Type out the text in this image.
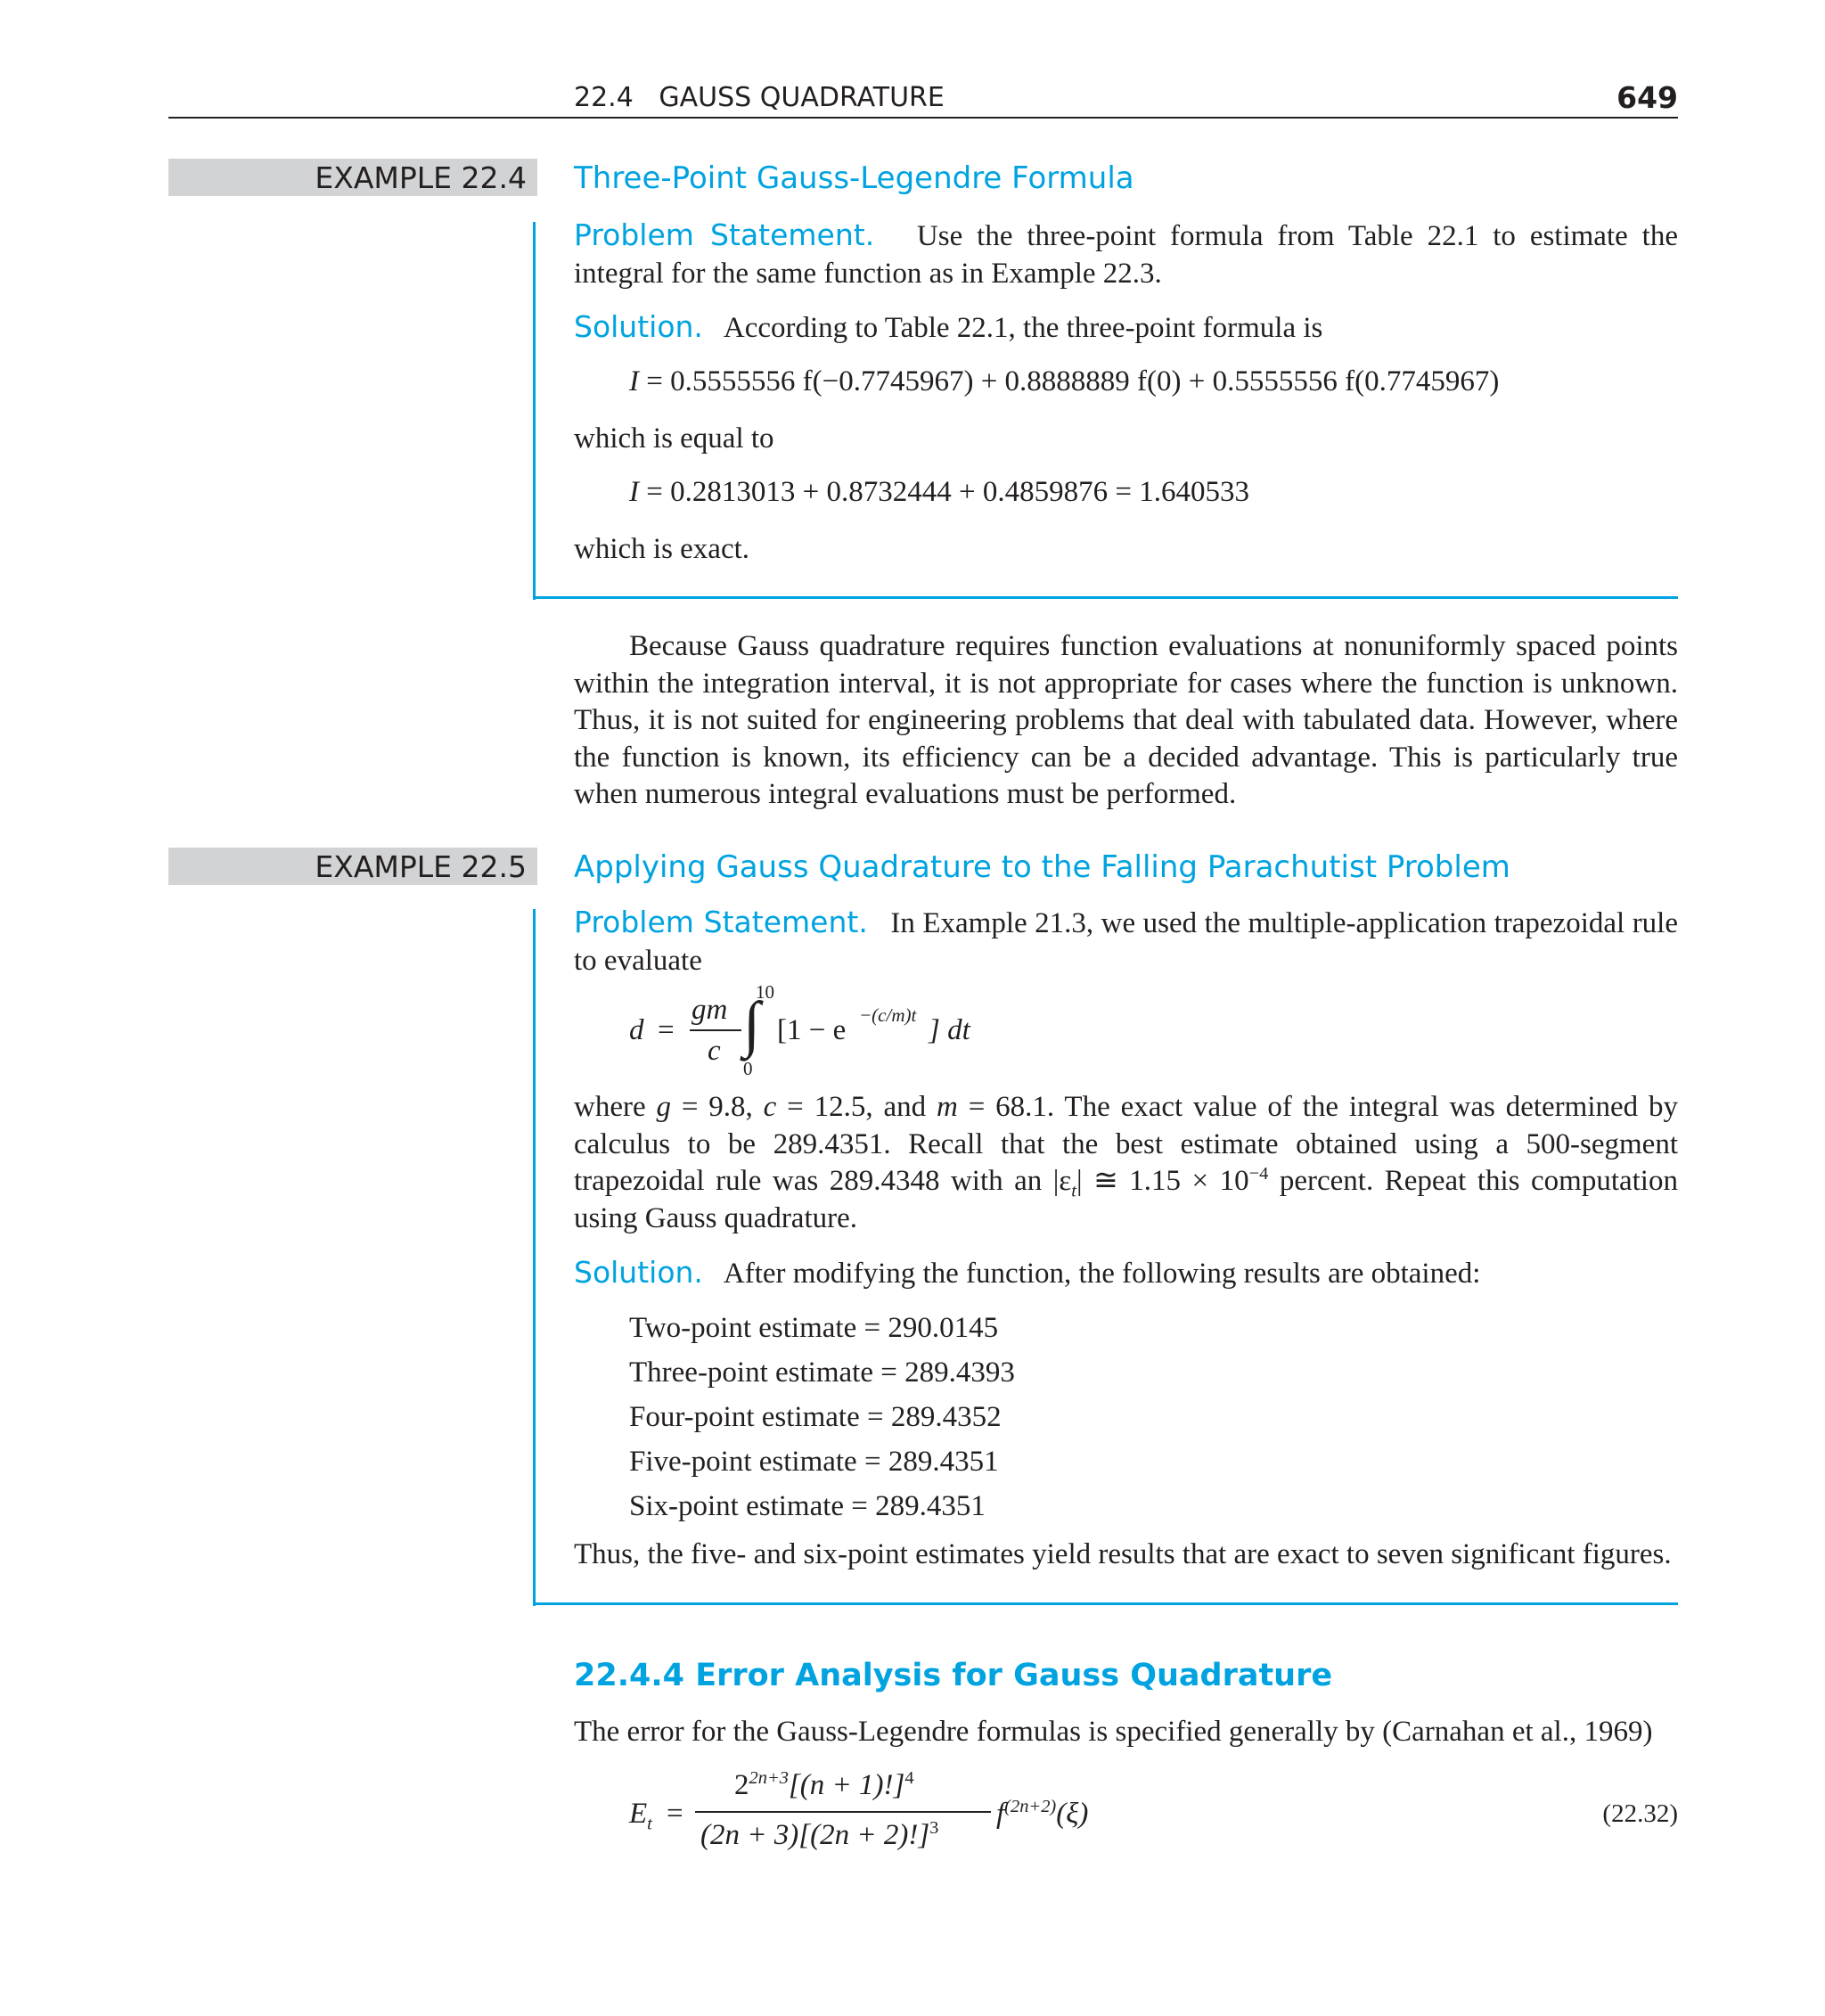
22.4   GAUSS QUADRATURE	649
EXAMPLE 22.4 Three-Point Gauss-Legendre Formula
Problem Statement. Use the three-point formula from Table 22.1 to estimate the integral for the same function as in Example 22.3.
Solution. According to Table 22.1, the three-point formula is
I = 0.5555556 f(−0.7745967) + 0.8888889 f(0) + 0.5555556 f(0.7745967)
which is equal to
I = 0.2813013 + 0.8732444 + 0.4859876 = 1.640533
which is exact.
Because Gauss quadrature requires function evaluations at nonuniformly spaced points within the integration interval, it is not appropriate for cases where the function is unknown. Thus, it is not suited for engineering problems that deal with tabulated data. However, where the function is known, its efficiency can be a decided advantage. This is particularly true when numerous integral evaluations must be performed.
EXAMPLE 22.5 Applying Gauss Quadrature to the Falling Parachutist Problem
Problem Statement. In Example 21.3, we used the multiple-application trapezoidal rule to evaluate
d =
gm
c ∫
10
0
[1 − e −(c/m)t ] dt
where g = 9.8, c = 12.5, and m = 68.1. The exact value of the integral was determined by calculus to be 289.4351. Recall that the best estimate obtained using a 500-segment trapezoidal rule was 289.4348 with an $|\varepsilon_t|$ ≅ $1.15 \times 10^{-4}$ percent. Repeat this computation using Gauss quadrature.
Solution. After modifying the function, the following results are obtained:
Two-point estimate = 290.0145
Three-point estimate = 289.4393
Four-point estimate = 289.4352
Five-point estimate = 289.4351
Six-point estimate = 289.4351
Thus, the five- and six-point estimates yield results that are exact to seven significant figures.
22.4.4 Error Analysis for Gauss Quadrature
The error for the Gauss-Legendre formulas is specified generally by (Carnahan et al., 1969)
$E_t$ =
$2^{2n+3}[(n + 1)!]^4$
$(2n + 3)[(2n + 2)!]^3$ $f^{(2n+2)}(\xi)$	(22.32)
